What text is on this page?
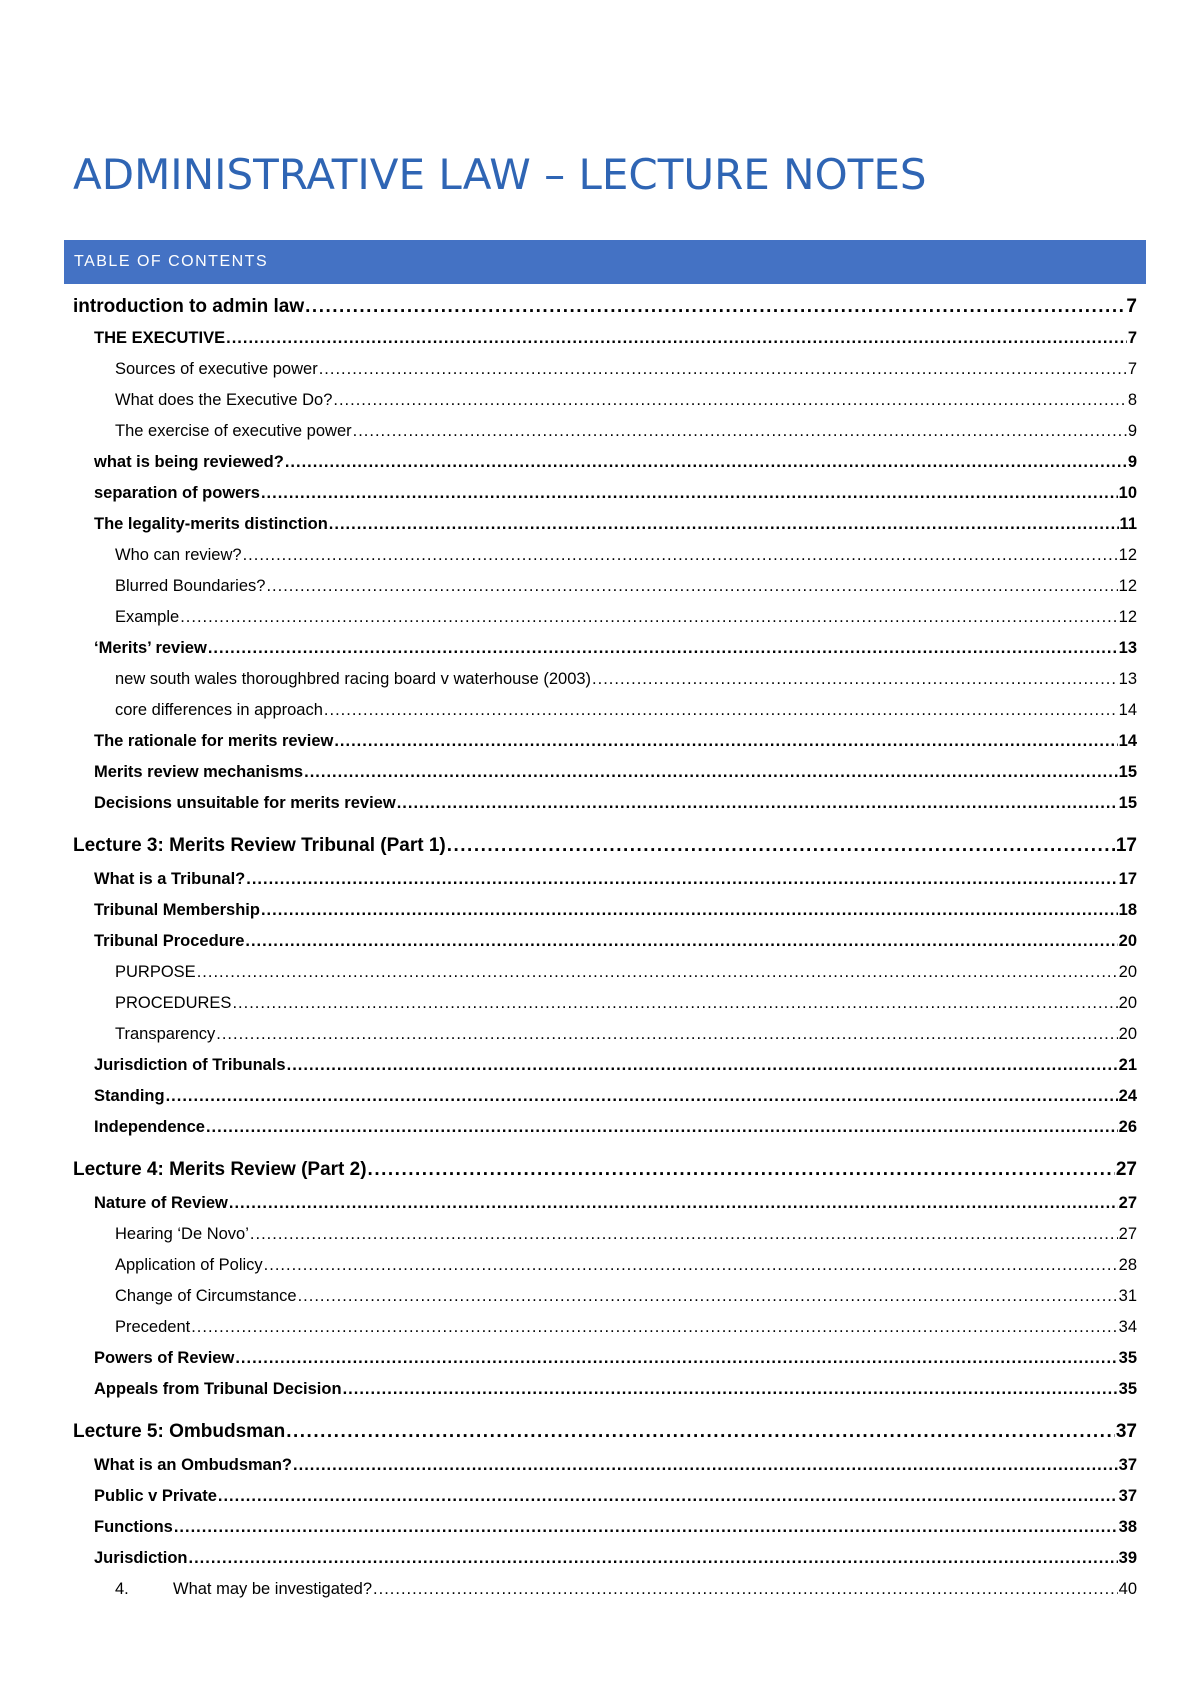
ADMINISTRATIVE LAW – LECTURE NOTES
TABLE OF CONTENTS
introduction to admin law .....	7
THE EXECUTIVE .....	7
Sources of executive power .....	7
What does the Executive Do? .....	8
The exercise of executive power .....	9
what is being reviewed? .....	9
separation of powers .....	10
The legality-merits distinction .....	11
Who can review? .....	12
Blurred Boundaries? .....	12
Example .....	12
‘Merits’ review .....	13
new south wales thoroughbred racing board v waterhouse (2003) .....	13
core differences in approach .....	14
The rationale for merits review .....	14
Merits review mechanisms .....	15
Decisions unsuitable for merits review .....	15
Lecture 3: Merits Review Tribunal (Part 1) .....	17
What is a Tribunal? .....	17
Tribunal Membership .....	18
Tribunal Procedure .....	20
PURPOSE .....	20
PROCEDURES .....	20
Transparency .....	20
Jurisdiction of Tribunals .....	21
Standing .....	24
Independence .....	26
Lecture 4: Merits Review (Part 2) .....	27
Nature of Review .....	27
Hearing ‘De Novo’ .....	27
Application of Policy .....	28
Change of Circumstance .....	31
Precedent .....	34
Powers of Review .....	35
Appeals from Tribunal Decision .....	35
Lecture 5: Ombudsman .....	37
What is an Ombudsman? .....	37
Public v Private .....	37
Functions .....	38
Jurisdiction .....	39
4.	What may be investigated? .....	40
